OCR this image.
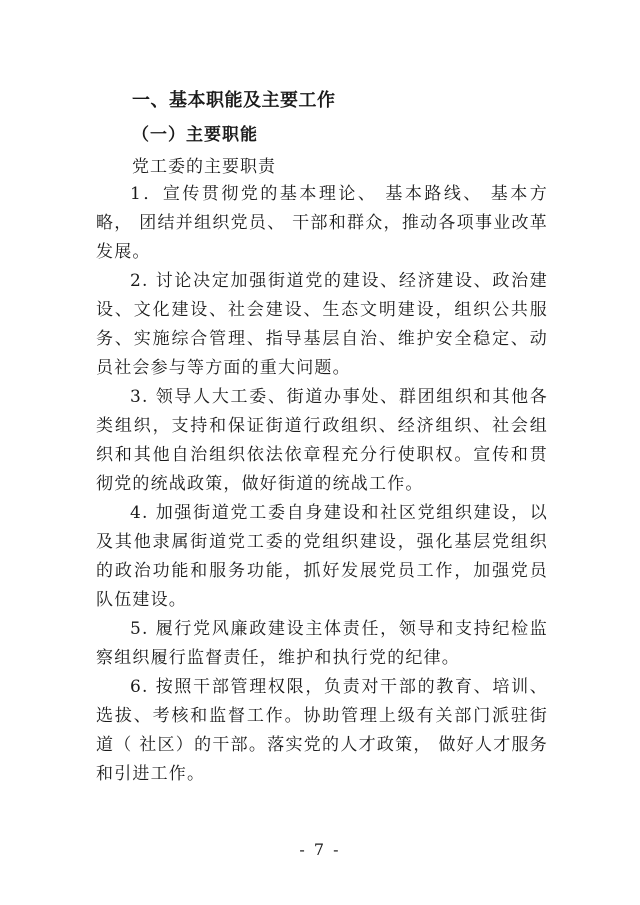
一、基本职能及主要工作
（一）主要职能
党工委的主要职责

1．宣传贯彻党的基本理论、 基本路线、 基本方略， 团结并组织党员、 干部和群众，推动各项事业改革发展。

2. 讨论决定加强街道党的建设、经济建设、政治建设、文化建设、社会建设、生态文明建设，组织公共服务、实施综合管理、指导基层自治、维护安全稳定、动员社会参与等方面的重大问题。

3. 领导人大工委、街道办事处、群团组织和其他各类组织，支持和保证街道行政组织、经济组织、社会组织和其他自治组织依法依章程充分行使职权。宣传和贯彻党的统战政策，做好街道的统战工作。

4. 加强街道党工委自身建设和社区党组织建设，以及其他隶属街道党工委的党组织建设，强化基层党组织的政治功能和服务功能，抓好发展党员工作，加强党员队伍建设。

5. 履行党风廉政建设主体责任，领导和支持纪检监察组织履行监督责任，维护和执行党的纪律。

6. 按照干部管理权限，负责对干部的教育、培训、选拔、考核和监督工作。协助管理上级有关部门派驻街道（ 社区）的干部。落实党的人才政策， 做好人才服务和引进工作。

- 7 -
